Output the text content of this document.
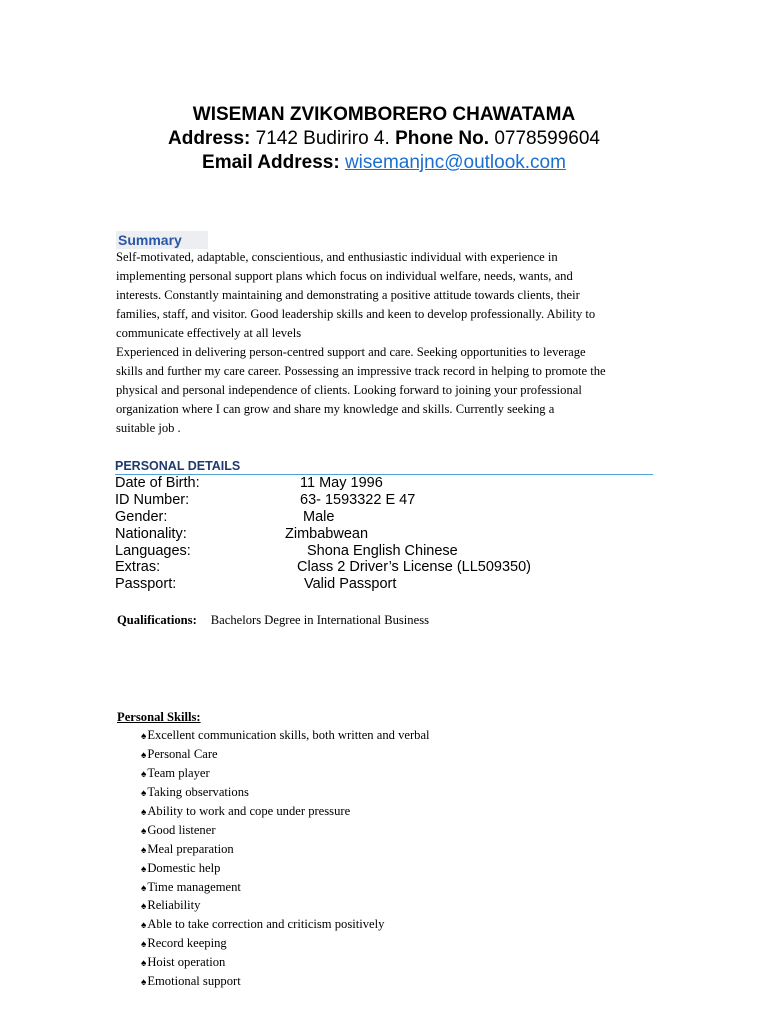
WISEMAN ZVIKOMBORERO CHAWATAMA
Address: 7142 Budiriro 4. Phone No. 0778599604
Email Address: wisemanjnc@outlook.com
Summary
Self-motivated, adaptable, conscientious, and enthusiastic individual with experience in
implementing personal support plans which focus on individual welfare, needs, wants, and
interests. Constantly maintaining and demonstrating a positive attitude towards clients, their
families, staff, and visitor. Good leadership skills and keen to develop professionally. Ability to
communicate effectively at all levels
Experienced in delivering person-centred support and care. Seeking opportunities to leverage
skills and further my care career. Possessing an impressive track record in helping to promote the
physical and personal independence of clients. Looking forward to joining your professional
organization where I can grow and share my knowledge and skills. Currently seeking a
suitable job .
PERSONAL DETAILS
Date of Birth:	11 May 1996
ID Number:	63- 1593322 E 47
Gender:	Male
Nationality:	Zimbabwean
Languages:	Shona English Chinese
Extras:	Class 2 Driver’s License (LL509350)
Passport:	Valid Passport
Qualifications: Bachelors Degree in International Business
Personal Skills:
♠Excellent communication skills, both written and verbal
♠Personal Care
♠Team player
♠Taking observations
♠Ability to work and cope under pressure
♠Good listener
♠Meal preparation
♠Domestic help
♠Time management
♠Reliability
♠Able to take correction and criticism positively
♠Record keeping
♠Hoist operation
♠Emotional support
